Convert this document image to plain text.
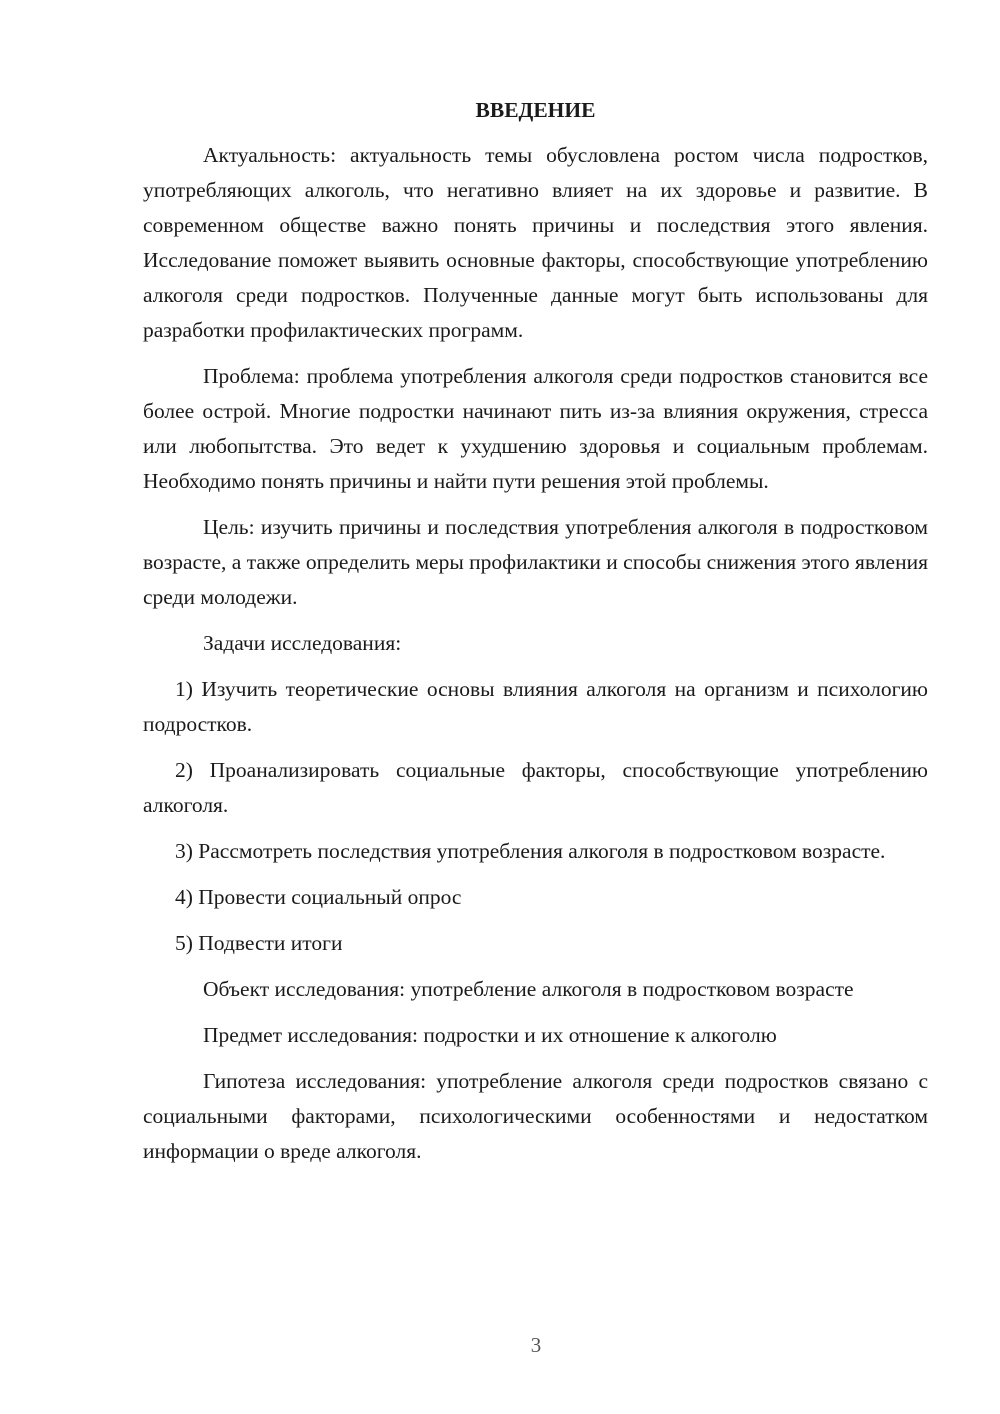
ВВЕДЕНИЕ

Актуальность: актуальность темы обусловлена ростом числа подростков, употребляющих алкоголь, что негативно влияет на их здоровье и развитие. В современном обществе важно понять причины и последствия этого явления. Исследование поможет выявить основные факторы, способствующие употреблению алкоголя среди подростков. Полученные данные могут быть использованы для разработки профилактических программ.

Проблема: проблема употребления алкоголя среди подростков становится все более острой. Многие подростки начинают пить из-за влияния окружения, стресса или любопытства. Это ведет к ухудшению здоровья и социальным проблемам. Необходимо понять причины и найти пути решения этой проблемы.

Цель: изучить причины и последствия употребления алкоголя в подростковом возрасте, а также определить меры профилактики и способы снижения этого явления среди молодежи.

Задачи исследования:

1) Изучить теоретические основы влияния алкоголя на организм и психологию подростков.

2) Проанализировать социальные факторы, способствующие употреблению алкоголя.

3) Рассмотреть последствия употребления алкоголя в подростковом возрасте.

4) Провести социальный опрос

5) Подвести итоги

Объект исследования: употребление алкоголя в подростковом возрасте

Предмет исследования: подростки и их отношение к алкоголю

Гипотеза исследования: употребление алкоголя среди подростков связано с социальными факторами, психологическими особенностями и недостатком информации о вреде алкоголя.

3
